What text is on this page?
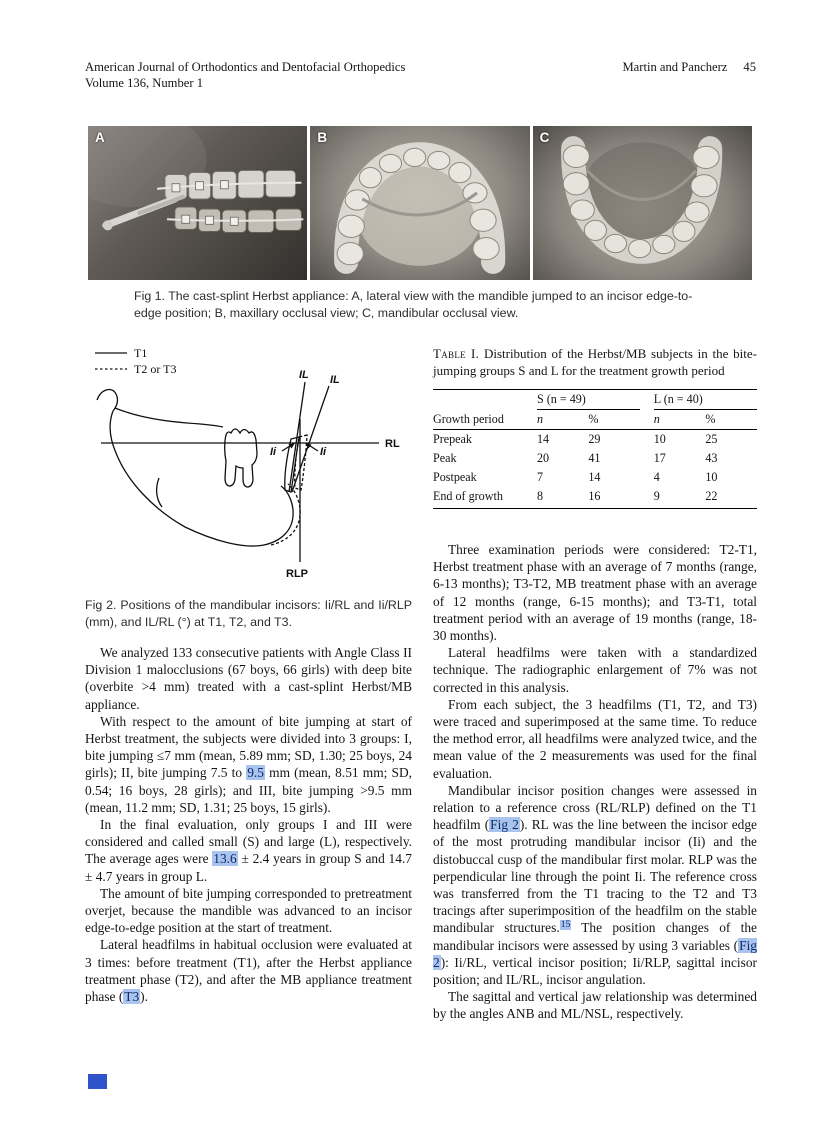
American Journal of Orthodontics and Dentofacial Orthopedics
Volume 136, Number 1
Martin and Pancherz 45
A	B	C
Fig 1. The cast-splint Herbst appliance: A, lateral view with the mandible jumped to an incisor edge-to-edge position; B, maxillary occlusal view; C, mandibular occlusal view.
T1
T2 or T3	IL IL
RL
RLP
Ii	Ii
Fig 2. Positions of the mandibular incisors: Ii/RL and Ii/RLP (mm), and IL/RL (°) at T1, T2, and T3.

Table I. Distribution of the Herbst/MB subjects in the bite-jumping groups S and L for the treatment growth period

	S (n = 49)			L (n = 40)	
Growth period	n	%		n	%
Prepeak	14	29		10	25
Peak	20	41		17	43
Postpeak	7	14		4	10
End of growth	8	16		9	22

We analyzed 133 consecutive patients with Angle Class II Division 1 malocclusions (67 boys, 66 girls) with deep bite (overbite >4 mm) treated with a cast-splint Herbst/MB appliance.

With respect to the amount of bite jumping at start of Herbst treatment, the subjects were divided into 3 groups: I, bite jumping ≤7 mm (mean, 5.89 mm; SD, 1.30; 25 boys, 24 girls); II, bite jumping 7.5 to 9.5 mm (mean, 8.51 mm; SD, 0.54; 16 boys, 28 girls); and III, bite jumping >9.5 mm (mean, 11.2 mm; SD, 1.31; 25 boys, 15 girls).

In the final evaluation, only groups I and III were considered and called small (S) and large (L), respectively. The average ages were 13.6 ± 2.4 years in group S and 14.7 ± 4.7 years in group L.

The amount of bite jumping corresponded to pretreatment overjet, because the mandible was advanced to an incisor edge-to-edge position at the start of treatment.

Lateral headfilms in habitual occlusion were evaluated at 3 times: before treatment (T1), after the Herbst appliance treatment phase (T2), and after the MB appliance treatment phase (T3).

Three examination periods were considered: T2-T1, Herbst treatment phase with an average of 7 months (range, 6-13 months); T3-T2, MB treatment phase with an average of 12 months (range, 6-15 months); and T3-T1, total treatment period with an average of 19 months (range, 18-30 months).

Lateral headfilms were taken with a standardized technique. The radiographic enlargement of 7% was not corrected in this analysis.

From each subject, the 3 headfilms (T1, T2, and T3) were traced and superimposed at the same time. To reduce the method error, all headfilms were analyzed twice, and the mean value of the 2 measurements was used for the final evaluation.

Mandibular incisor position changes were assessed in relation to a reference cross (RL/RLP) defined on the T1 headfilm (Fig 2). RL was the line between the incisor edge of the most protruding mandibular incisor (Ii) and the distobuccal cusp of the mandibular first molar. RLP was the perpendicular line through the point Ii. The reference cross was transferred from the T1 tracing to the T2 and T3 tracings after superimposition of the headfilm on the stable mandibular structures.$^{15}$ The position changes of the mandibular incisors were assessed by using 3 variables (Fig 2): Ii/RL, vertical incisor position; Ii/RLP, sagittal incisor position; and IL/RL, incisor angulation.

The sagittal and vertical jaw relationship was determined by the angles ANB and ML/NSL, respectively.
